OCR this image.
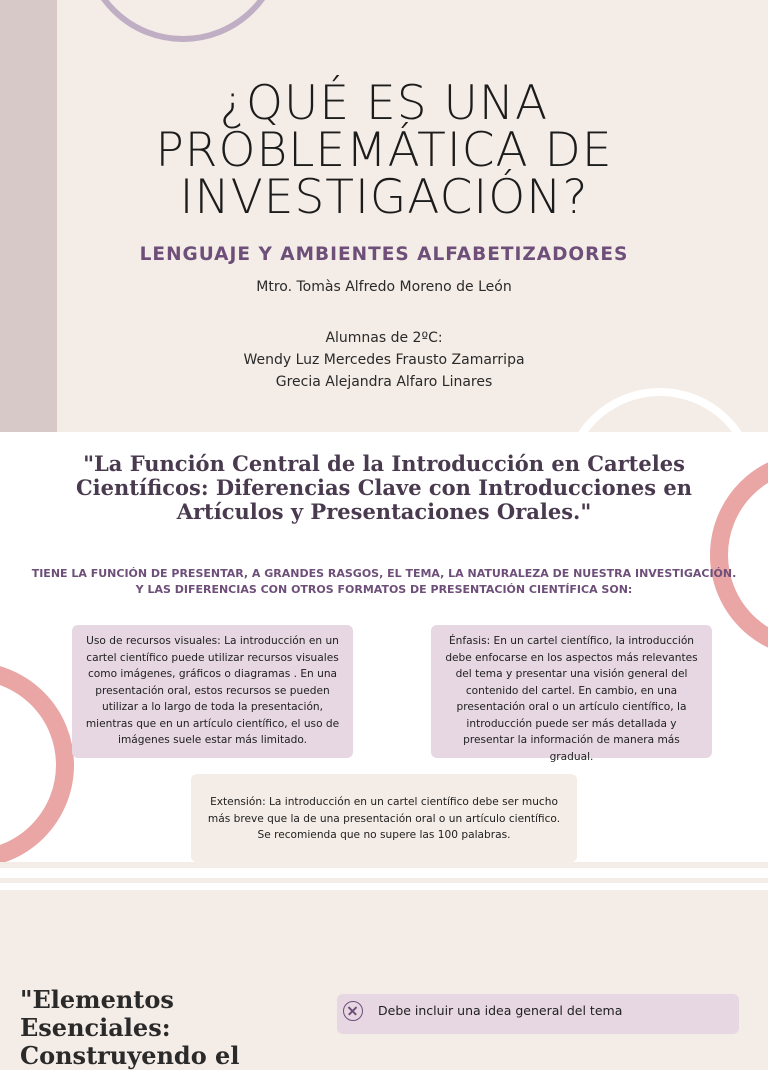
¿QUÉ ES UNA PROBLEMÁTICA DE INVESTIGACIÓN?
LENGUAJE Y AMBIENTES ALFABETIZADORES
Mtro. Tomàs Alfredo Moreno de León
Alumnas de 2ºC:
Wendy Luz Mercedes Frausto Zamarripa
Grecia Alejandra Alfaro Linares
"La Función Central de la Introducción en Carteles Científicos: Diferencias Clave con Introducciones en Artículos y Presentaciones Orales."
TIENE LA FUNCIÓN DE PRESENTAR, A GRANDES RASGOS, EL TEMA, LA NATURALEZA DE NUESTRA INVESTIGACIÓN. Y LAS DIFERENCIAS CON OTROS FORMATOS DE PRESENTACIÓN CIENTÍFICA SON:
Uso de recursos visuales: La introducción en un cartel científico puede utilizar recursos visuales como imágenes, gráficos o diagramas . En una presentación oral, estos recursos se pueden utilizar a lo largo de toda la presentación, mientras que en un artículo científico, el uso de imágenes suele estar más limitado.
Énfasis: En un cartel científico, la introducción debe enfocarse en los aspectos más relevantes del tema y presentar una visión general del contenido del cartel. En cambio, en una presentación oral o un artículo científico, la introducción puede ser más detallada y presentar la información de manera más gradual.
Extensión: La introducción en un cartel científico debe ser mucho más breve que la de una presentación oral o un artículo científico. Se recomienda que no supere las 100 palabras.
"Elementos Esenciales: Construyendo el
Debe incluir una idea general del tema
